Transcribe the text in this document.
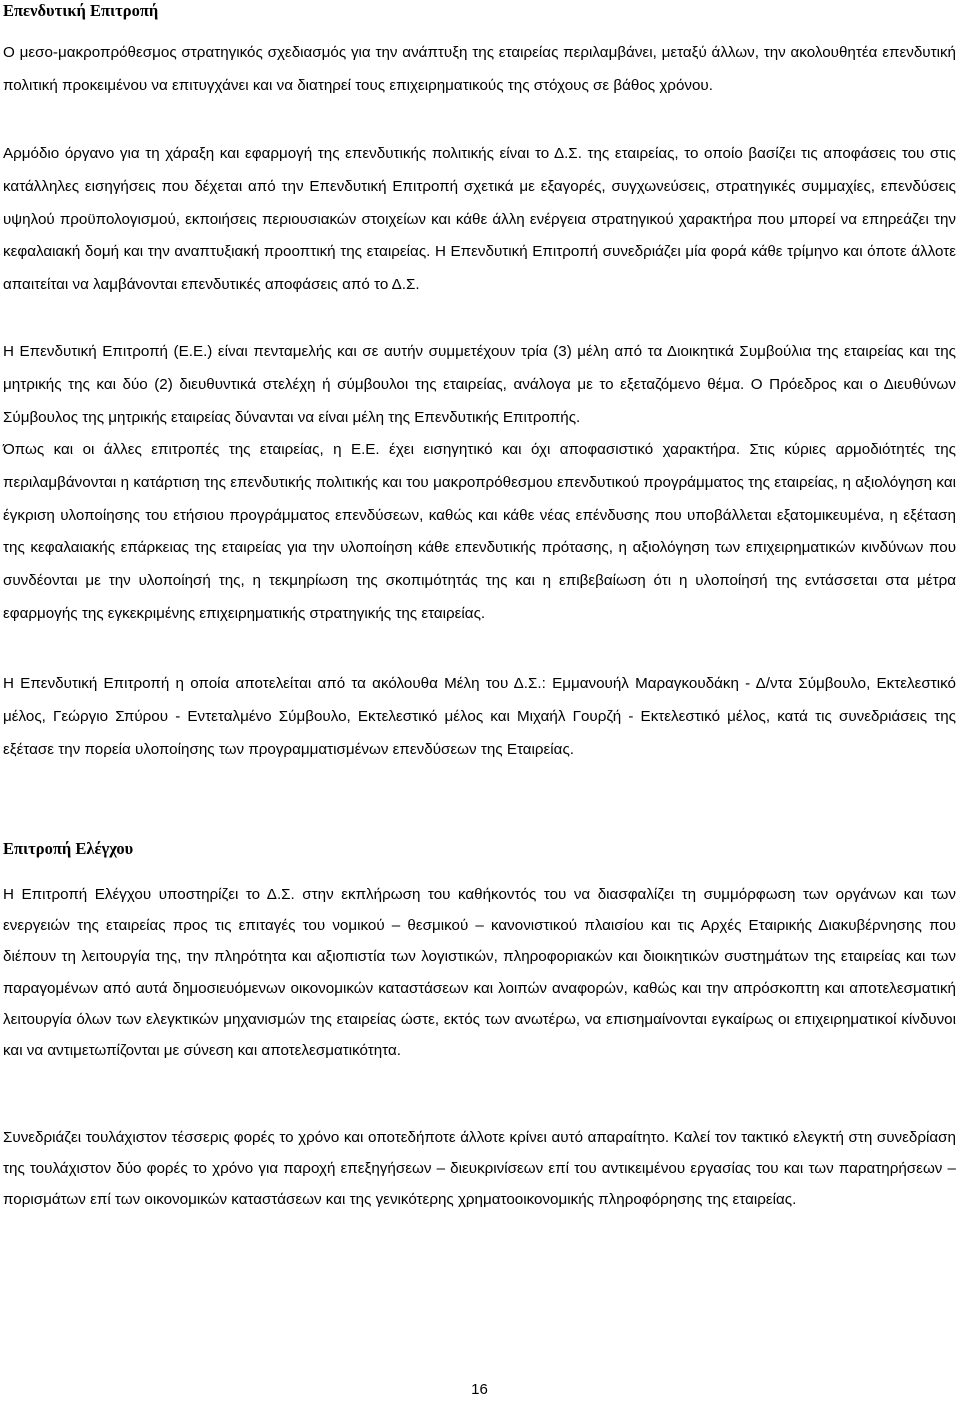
Επενδυτική Επιτροπή

Ο μεσο-μακροπρόθεσμος στρατηγικός σχεδιασμός για την ανάπτυξη της εταιρείας περιλαμβάνει, μεταξύ άλλων, την ακολουθητέα επενδυτική πολιτική προκειμένου να επιτυγχάνει και να διατηρεί τους επιχειρηματικούς της στόχους σε βάθος χρόνου.

Αρμόδιο όργανο για τη χάραξη και εφαρμογή της επενδυτικής πολιτικής είναι το Δ.Σ. της εταιρείας, το οποίο βασίζει τις αποφάσεις του στις κατάλληλες εισηγήσεις που δέχεται από την Επενδυτική Επιτροπή σχετικά με εξαγορές, συγχωνεύσεις, στρατηγικές συμμαχίες, επενδύσεις υψηλού προϋπολογισμού, εκποιήσεις περιουσιακών στοιχείων και κάθε άλλη ενέργεια στρατηγικού χαρακτήρα που μπορεί να επηρεάζει την κεφαλαιακή δομή και την αναπτυξιακή προοπτική της εταιρείας. Η Επενδυτική Επιτροπή συνεδριάζει μία φορά κάθε τρίμηνο και όποτε άλλοτε απαιτείται να λαμβάνονται επενδυτικές αποφάσεις από το Δ.Σ.

Η Επενδυτική Επιτροπή (Ε.Ε.) είναι πενταμελής και σε αυτήν συμμετέχουν τρία (3) μέλη από τα Διοικητικά Συμβούλια της εταιρείας και της μητρικής της και δύο (2) διευθυντικά στελέχη ή σύμβουλοι της εταιρείας, ανάλογα με το εξεταζόμενο θέμα. Ο Πρόεδρος και ο Διευθύνων Σύμβουλος της μητρικής εταιρείας δύνανται να είναι μέλη της Επενδυτικής Επιτροπής.

Όπως και οι άλλες επιτροπές της εταιρείας, η Ε.Ε. έχει εισηγητικό και όχι αποφασιστικό χαρακτήρα. Στις κύριες αρμοδιότητές της περιλαμβάνονται η κατάρτιση της επενδυτικής πολιτικής και του μακροπρόθεσμου επενδυτικού προγράμματος της εταιρείας, η αξιολόγηση και έγκριση υλοποίησης του ετήσιου προγράμματος επενδύσεων, καθώς και κάθε νέας επένδυσης που υποβάλλεται εξατομικευμένα, η εξέταση της κεφαλαιακής επάρκειας της εταιρείας για την υλοποίηση κάθε επενδυτικής πρότασης, η αξιολόγηση των επιχειρηματικών κινδύνων που συνδέονται με την υλοποίησή της, η τεκμηρίωση της σκοπιμότητάς της και η επιβεβαίωση ότι η υλοποίησή της εντάσσεται στα μέτρα εφαρμογής της εγκεκριμένης επιχειρηματικής στρατηγικής της εταιρείας.

Η Επενδυτική Επιτροπή η οποία αποτελείται από τα ακόλουθα Μέλη του Δ.Σ.: Εμμανουήλ Μαραγκουδάκη - Δ/ντα Σύμβουλο, Εκτελεστικό μέλος, Γεώργιο Σπύρου - Εντεταλμένο Σύμβουλο, Εκτελεστικό μέλος και Μιχαήλ Γουρζή - Εκτελεστικό μέλος, κατά τις συνεδριάσεις της εξέτασε την πορεία υλοποίησης των προγραμματισμένων επενδύσεων της Εταιρείας.

Επιτροπή Ελέγχου

Η Επιτροπή Ελέγχου υποστηρίζει το Δ.Σ. στην εκπλήρωση του καθήκοντός του να διασφαλίζει τη συμμόρφωση των οργάνων και των ενεργειών της εταιρείας προς τις επιταγές του νομικού – θεσμικού – κανονιστικού πλαισίου και τις Αρχές Εταιρικής Διακυβέρνησης που διέπουν τη λειτουργία της, την πληρότητα και αξιοπιστία των λογιστικών, πληροφοριακών και διοικητικών συστημάτων της εταιρείας και των παραγομένων από αυτά δημοσιευόμενων οικονομικών καταστάσεων και λοιπών αναφορών, καθώς και την απρόσκοπτη και αποτελεσματική λειτουργία όλων των ελεγκτικών μηχανισμών της εταιρείας ώστε, εκτός των ανωτέρω, να επισημαίνονται εγκαίρως οι επιχειρηματικοί κίνδυνοι και να αντιμετωπίζονται με σύνεση και αποτελεσματικότητα.

Συνεδριάζει τουλάχιστον τέσσερις φορές το χρόνο και οποτεδήποτε άλλοτε κρίνει αυτό απαραίτητο. Καλεί τον τακτικό ελεγκτή στη συνεδρίαση της τουλάχιστον δύο φορές το χρόνο για παροχή επεξηγήσεων – διευκρινίσεων επί του αντικειμένου εργασίας του και των παρατηρήσεων – πορισμάτων επί των οικονομικών καταστάσεων και της γενικότερης χρηματοοικονομικής πληροφόρησης της εταιρείας.

16
